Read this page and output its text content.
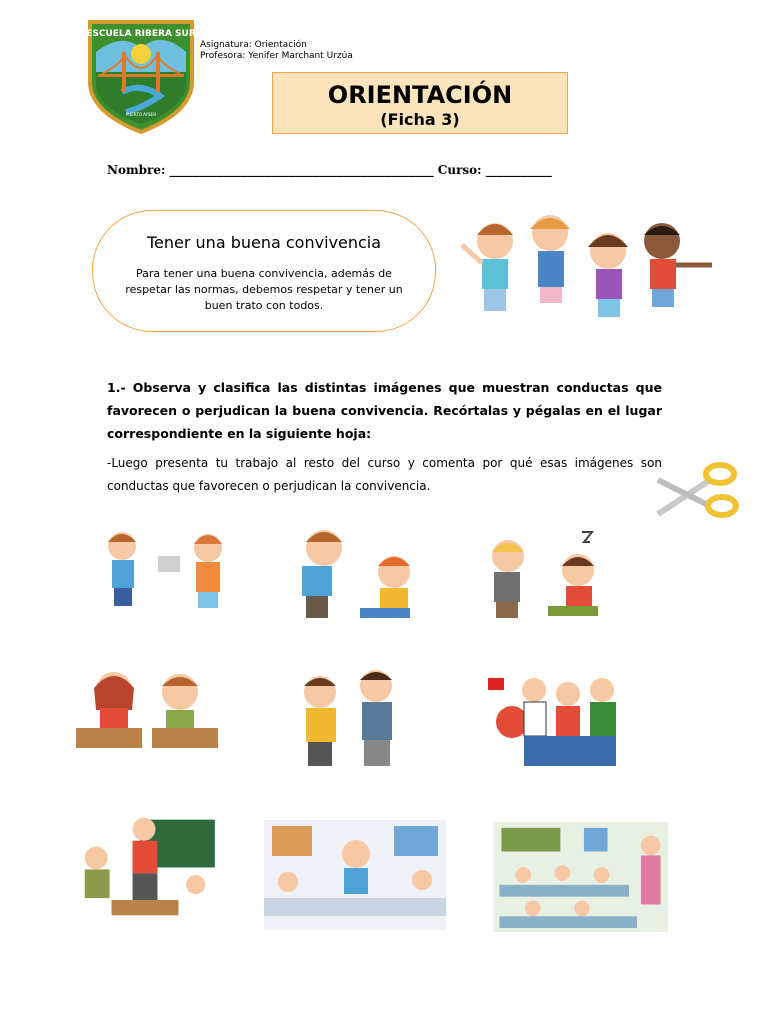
ESCUELA RIBERA SUR
PUERTO AYSEN
Asignatura: Orientación
Profesora: Yenifer Marchant Urzúa
ORIENTACIÓN
(Ficha 3)
Nombre: ____________________________________________ Curso: ___________
Tener una buena convivencia
Para tener una buena convivencia, además de respetar las normas, debemos respetar y tener un buen trato con todos.
1.- Observa y clasifica las distintas imágenes que muestran conductas que favorecen o perjudican la buena convivencia. Recórtalas y pégalas en el lugar correspondiente en la siguiente hoja:
-Luego presenta tu trabajo al resto del curso y comenta por qué esas imágenes son conductas que favorecen o perjudican la convivencia.
